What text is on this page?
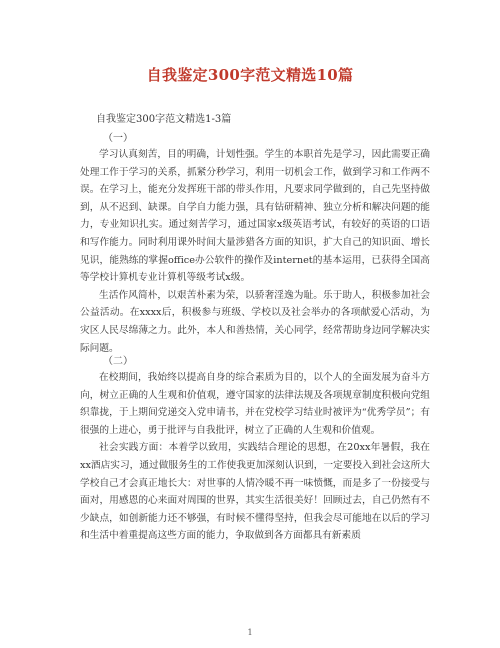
自我鉴定300字范文精选10篇
自我鉴定300字范文精选1-3篇
（一）

学习认真刻苦，目的明确，计划性强。学生的本职首先是学习，因此需要正确处理工作于学习的关系，抓紧分秒学习，利用一切机会工作，做到学习和工作两不误。在学习上，能充分发挥班干部的带头作用，凡要求同学做到的，自己先坚持做到，从不迟到、缺课。自学自力能力强，具有钻研精神、独立分析和解决问题的能力，专业知识扎实。通过刻苦学习，通过国家x级英语考试，有较好的英语的口语和写作能力。同时利用课外时间大量涉猎各方面的知识，扩大自己的知识面、增长见识，能熟练的掌握office办公软件的操作及internet的基本运用，已获得全国高等学校计算机专业计算机等级考试x级。

生活作风简朴，以艰苦朴素为荣，以骄奢淫逸为耻。乐于助人，积极参加社会公益活动。在xxxx后，积极参与班级、学校以及社会举办的各项献爱心活动，为灾区人民尽绵薄之力。此外，本人和善热情，关心同学，经常帮助身边同学解决实际问题。

（二）

在校期间，我始终以提高自身的综合素质为目的，以个人的全面发展为奋斗方向，树立正确的人生观和价值观，遵守国家的法律法规及各项规章制度积极向党组织靠拢，于上期间党递交入党申请书，并在党校学习结业时被评为“优秀学员”；有很强的上进心，勇于批评与自我批评，树立了正确的人生观和价值观。

社会实践方面：本着学以致用，实践结合理论的思想，在20xx年暑假，我在xx酒店实习，通过做服务生的工作使我更加深刻认识到，一定要投入到社会这所大学校自己才会真正地长大：对世事的人情冷暖不再一味愤慨，而是多了一份接受与面对，用感恩的心来面对周围的世界，其实生活很美好！回顾过去，自己仍然有不少缺点，如创新能力还不够强，有时候不懂得坚持，但我会尽可能地在以后的学习和生活中着重提高这些方面的能力，争取做到各方面都具有新素质

1
